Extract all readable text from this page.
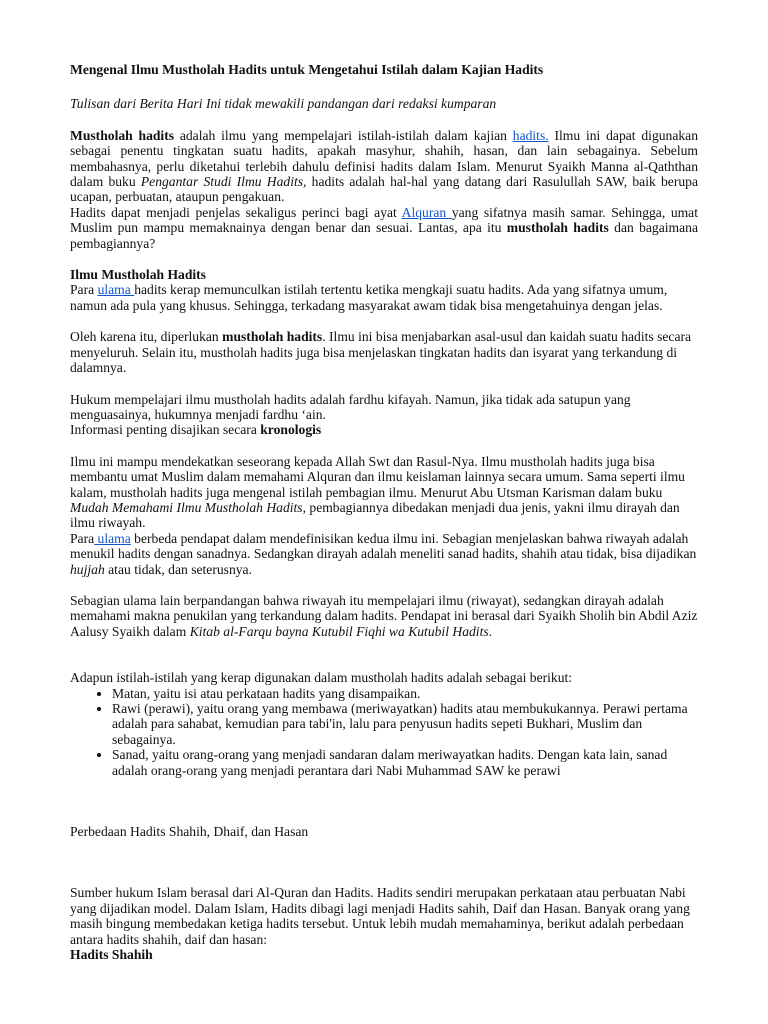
Mengenal Ilmu Mustholah Hadits untuk Mengetahui Istilah dalam Kajian Hadits

Tulisan dari Berita Hari Ini tidak mewakili pandangan dari redaksi kumparan

Mustholah hadits adalah ilmu yang mempelajari istilah-istilah dalam kajian hadits. Ilmu ini dapat digunakan sebagai penentu tingkatan suatu hadits, apakah masyhur, shahih, hasan, dan lain sebagainya. Sebelum membahasnya, perlu diketahui terlebih dahulu definisi hadits dalam Islam. Menurut Syaikh Manna al-Qaththan dalam buku Pengantar Studi Ilmu Hadits, hadits adalah hal-hal yang datang dari Rasulullah SAW, baik berupa ucapan, perbuatan, ataupun pengakuan.

Hadits dapat menjadi penjelas sekaligus perinci bagi ayat Alquran yang sifatnya masih samar. Sehingga, umat Muslim pun mampu memaknainya dengan benar dan sesuai. Lantas, apa itu mustholah hadits dan bagaimana pembagiannya?

Ilmu Mustholah Hadits

Para ulama hadits kerap memunculkan istilah tertentu ketika mengkaji suatu hadits. Ada yang sifatnya umum, namun ada pula yang khusus. Sehingga, terkadang masyarakat awam tidak bisa mengetahuinya dengan jelas.

Oleh karena itu, diperlukan mustholah hadits. Ilmu ini bisa menjabarkan asal-usul dan kaidah suatu hadits secara menyeluruh. Selain itu, mustholah hadits juga bisa menjelaskan tingkatan hadits dan isyarat yang terkandung di dalamnya.

Hukum mempelajari ilmu mustholah hadits adalah fardhu kifayah. Namun, jika tidak ada satupun yang menguasainya, hukumnya menjadi fardhu ‘ain.

Informasi penting disajikan secara kronologis

Ilmu ini mampu mendekatkan seseorang kepada Allah Swt dan Rasul-Nya. Ilmu mustholah hadits juga bisa membantu umat Muslim dalam memahami Alquran dan ilmu keislaman lainnya secara umum. Sama seperti ilmu kalam, mustholah hadits juga mengenal istilah pembagian ilmu. Menurut Abu Utsman Karisman dalam buku Mudah Memahami Ilmu Mustholah Hadits, pembagiannya dibedakan menjadi dua jenis, yakni ilmu dirayah dan ilmu riwayah.

Para ulama berbeda pendapat dalam mendefinisikan kedua ilmu ini. Sebagian menjelaskan bahwa riwayah adalah menukil hadits dengan sanadnya. Sedangkan dirayah adalah meneliti sanad hadits, shahih atau tidak, bisa dijadikan hujjah atau tidak, dan seterusnya.

Sebagian ulama lain berpandangan bahwa riwayah itu mempelajari ilmu (riwayat), sedangkan dirayah adalah memahami makna penukilan yang terkandung dalam hadits. Pendapat ini berasal dari Syaikh Sholih bin Abdil Aziz Aalusy Syaikh dalam Kitab al-Farqu bayna Kutubil Fiqhi wa Kutubil Hadits.

Adapun istilah-istilah yang kerap digunakan dalam mustholah hadits adalah sebagai berikut:

• Matan, yaitu isi atau perkataan hadits yang disampaikan.
• Rawi (perawi), yaitu orang yang membawa (meriwayatkan) hadits atau membukukannya. Perawi pertama adalah para sahabat, kemudian para tabi'in, lalu para penyusun hadits sepeti Bukhari, Muslim dan sebagainya.
• Sanad, yaitu orang-orang yang menjadi sandaran dalam meriwayatkan hadits. Dengan kata lain, sanad adalah orang-orang yang menjadi perantara dari Nabi Muhammad SAW ke perawi

Perbedaan Hadits Shahih, Dhaif, dan Hasan

Sumber hukum Islam berasal dari Al-Quran dan Hadits. Hadits sendiri merupakan perkataan atau perbuatan Nabi yang dijadikan model. Dalam Islam, Hadits dibagi lagi menjadi Hadits sahih, Daif dan Hasan. Banyak orang yang masih bingung membedakan ketiga hadits tersebut. Untuk lebih mudah memahaminya, berikut adalah perbedaan antara hadits shahih, daif dan hasan:

Hadits Shahih
